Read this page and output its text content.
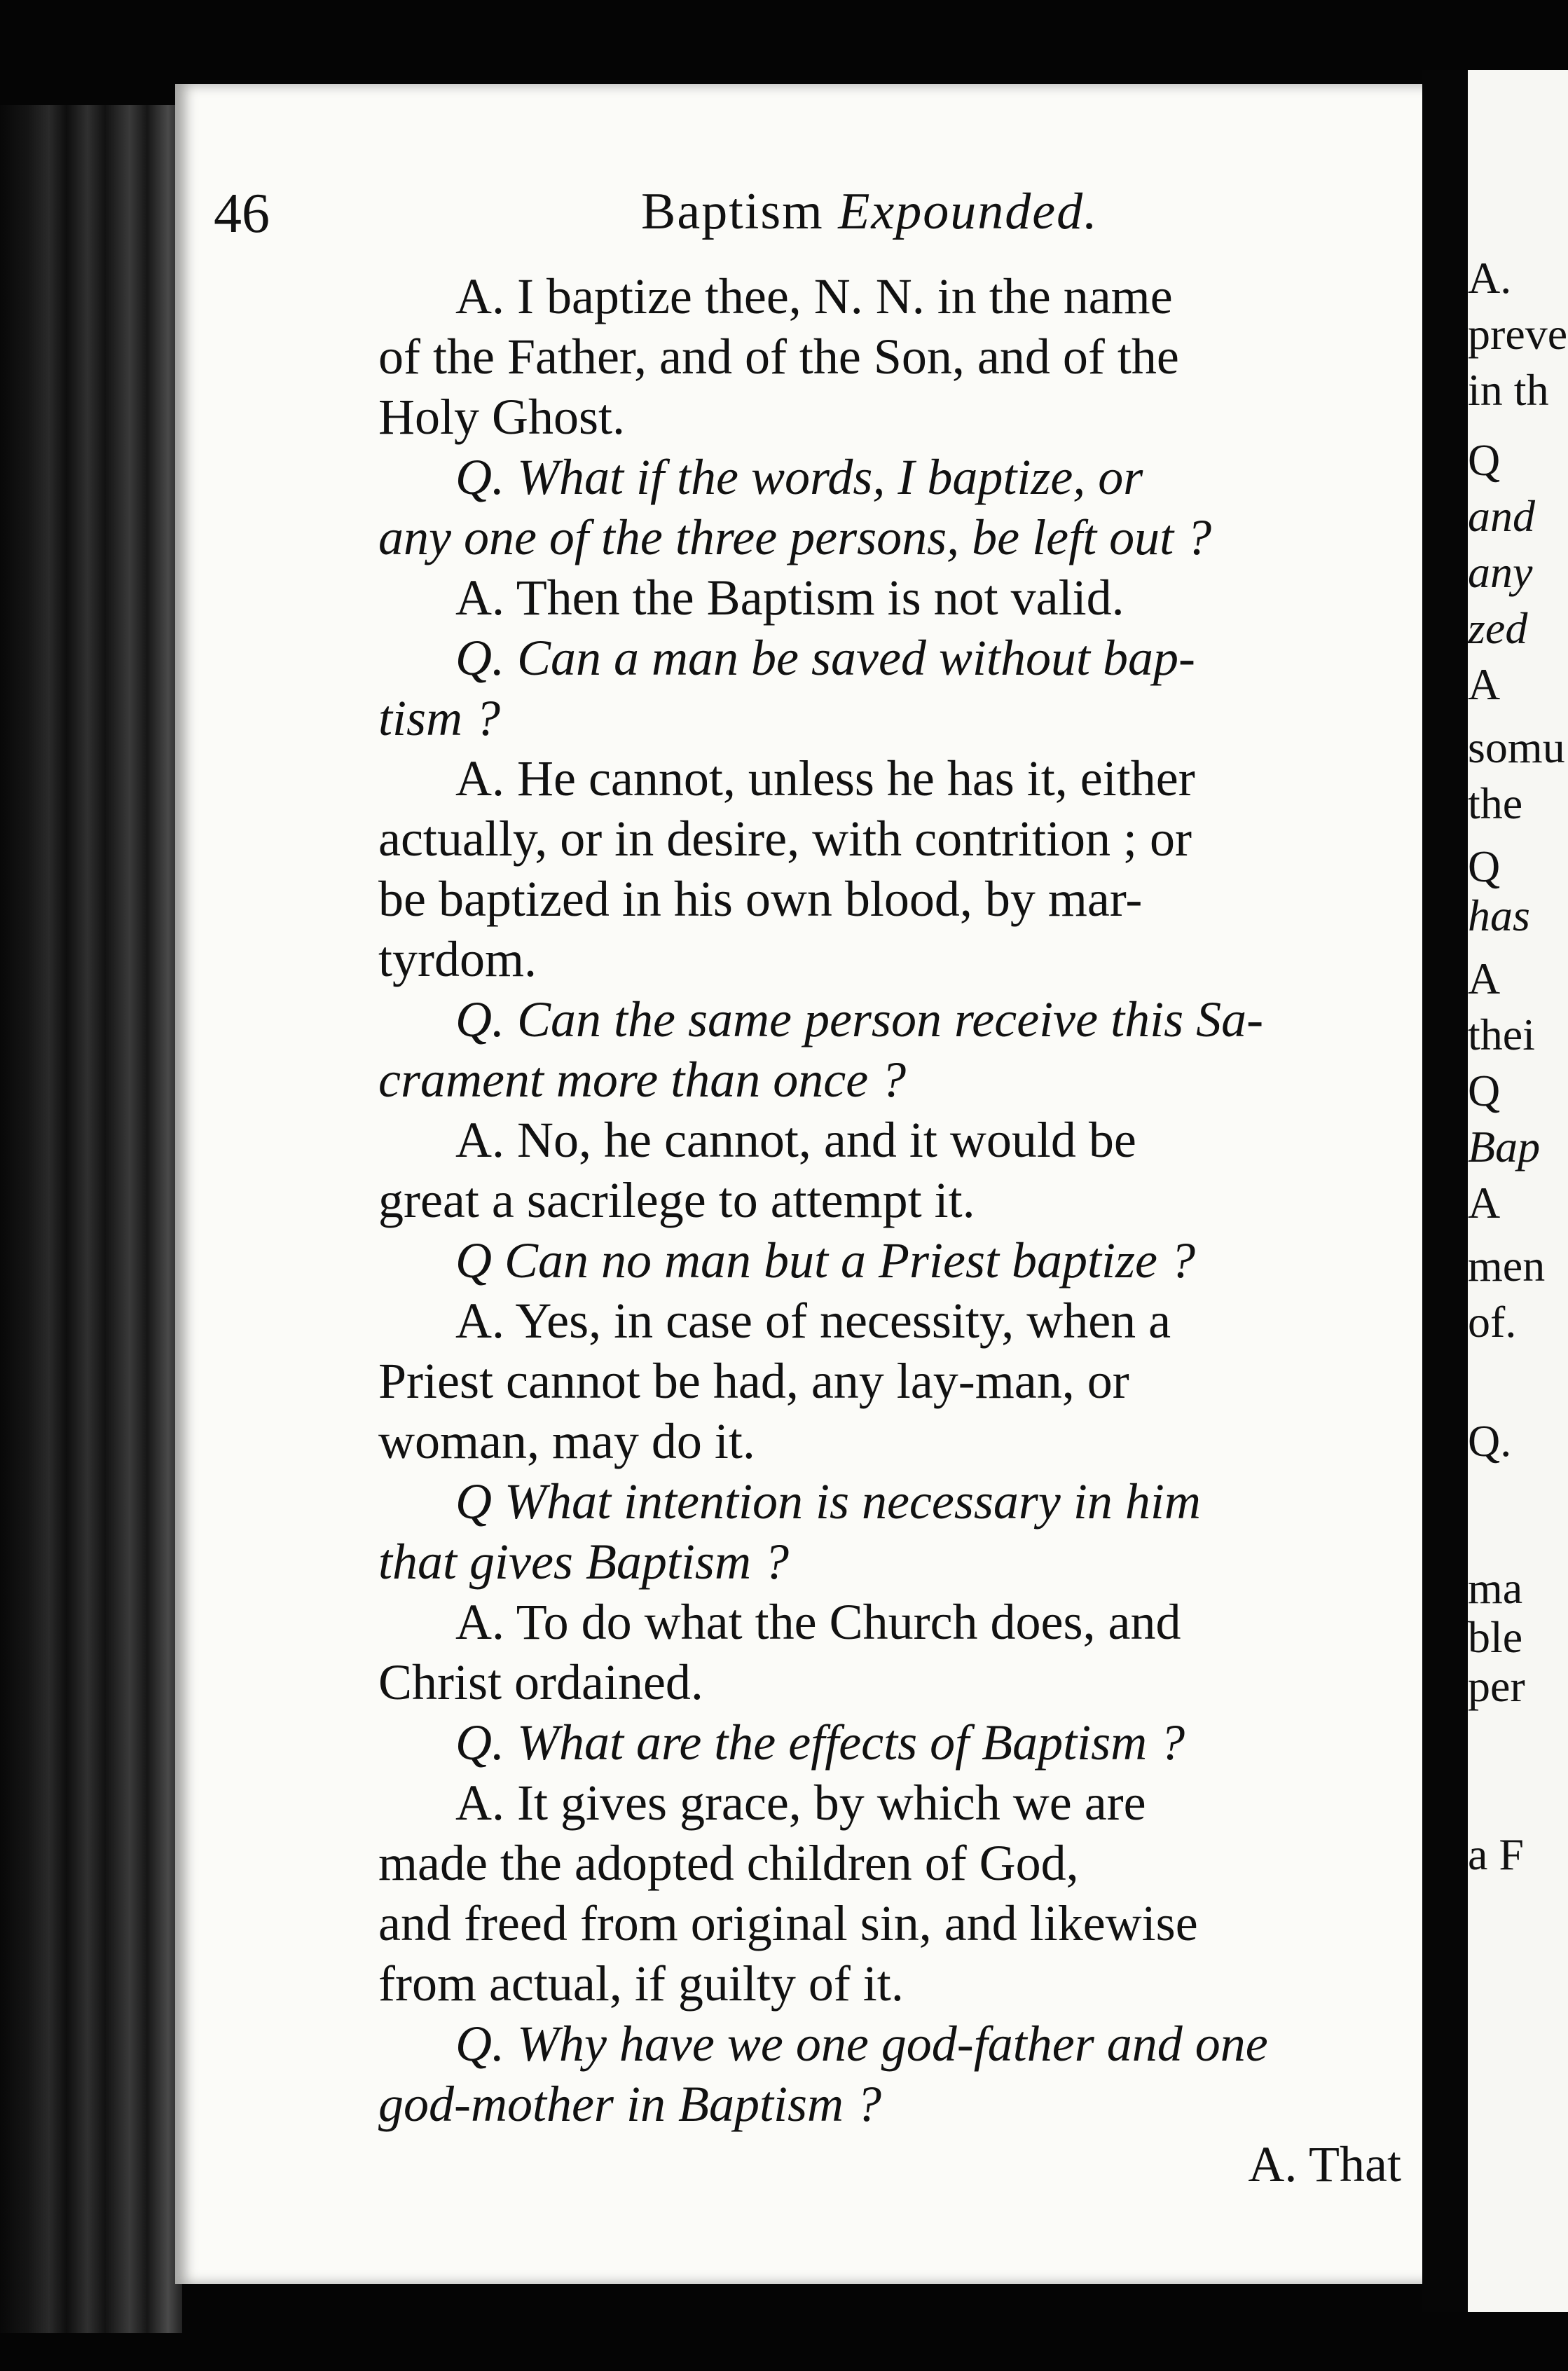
46	Baptism Expounded.
A. I baptize thee, N. N. in the name
of the Father, and of the Son, and of the
Holy Ghost.
Q. What if the words, I baptize, or
any one of the three persons, be left out ?
A. Then the Baptism is not valid.
Q. Can a man be saved without bap-
tism ?
A. He cannot, unless he has it, either
actually, or in desire, with contrition ; or
be baptized in his own blood, by mar-
tyrdom.
Q. Can the same person receive this Sa-
crament more than once ?
A. No, he cannot, and it would be
great a sacrilege to attempt it.
Q Can no man but a Priest baptize ?
A. Yes, in case of necessity, when a
Priest cannot be had, any lay-man, or
woman, may do it.
Q What intention is necessary in him
that gives Baptism ?
A. To do what the Church does, and
Christ ordained.
Q. What are the effects of Baptism ?
A. It gives grace, by which we are
made the adopted children of God,
and freed from original sin, and likewise
from actual, if guilty of it.
Q. Why have we one god-father and one
god-mother in Baptism ?
A. That
A.
preve
in th
Q
and
any
zed
A
somu
the
Q
has
A
thei
Q
Bap
A
men
of.
Q.
ma
ble
per
a F
